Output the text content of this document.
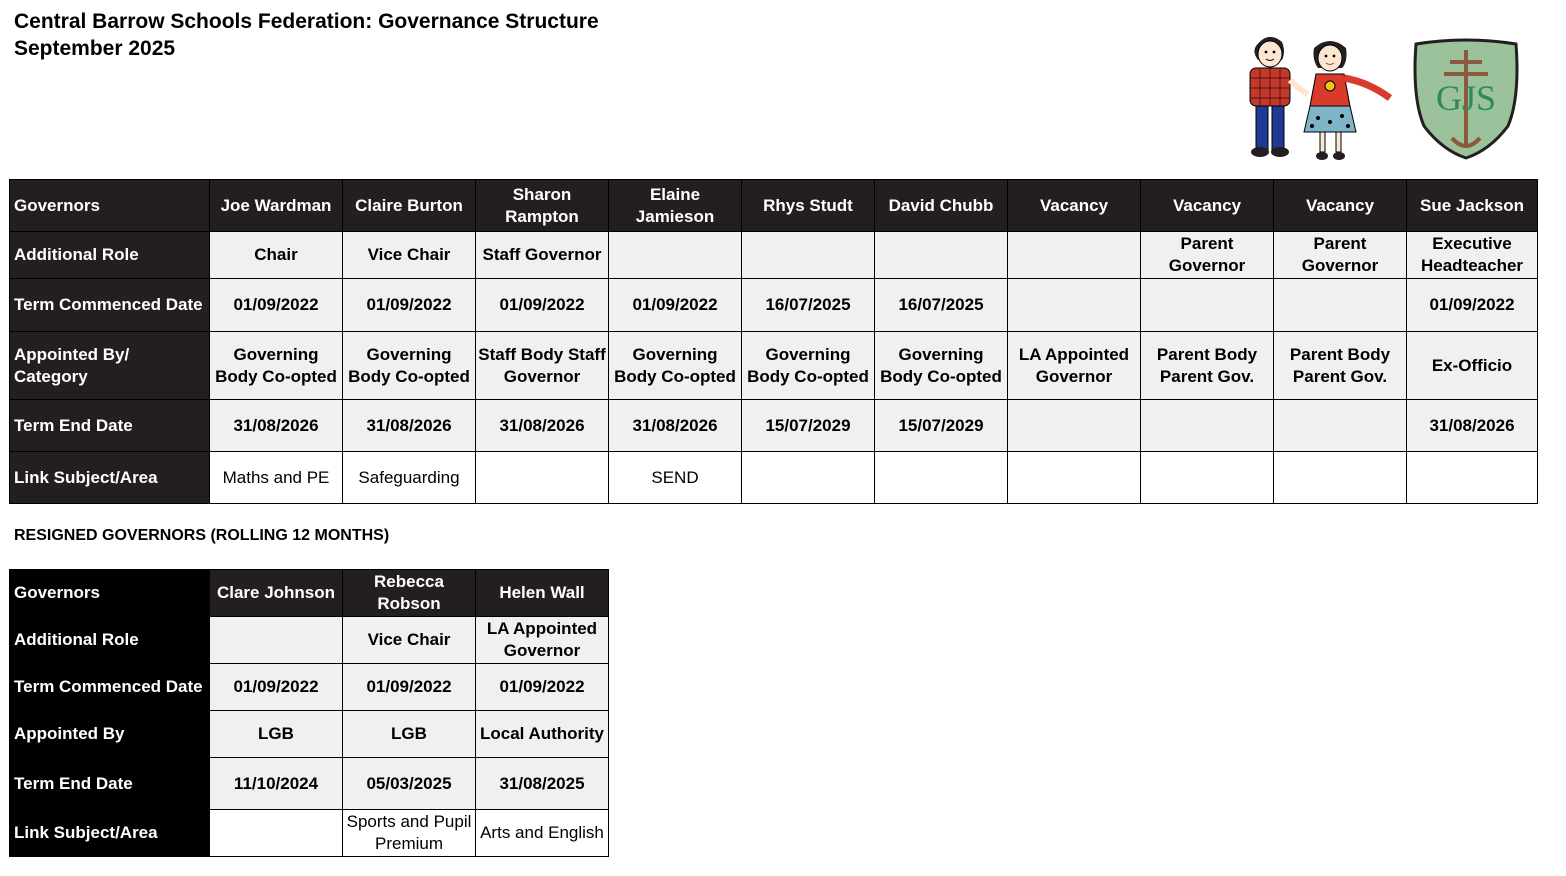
Central Barrow Schools Federation: Governance Structure
September 2025
GJS
Governors	Joe Wardman	Claire Burton	Sharon Rampton	Elaine Jamieson	Rhys Studt	David Chubb	Vacancy	Vacancy	Vacancy	Sue Jackson
Additional Role	Chair	Vice Chair	Staff Governor					Parent Governor	Parent Governor	Executive Headteacher
Term Commenced Date	01/09/2022	01/09/2022	01/09/2022	01/09/2022	16/07/2025	16/07/2025				01/09/2022
Appointed By/ Category	Governing Body Co-opted	Governing Body Co-opted	Staff Body Staff Governor	Governing Body Co-opted	Governing Body Co-opted	Governing Body Co-opted	LA Appointed Governor	Parent Body Parent Gov.	Parent Body Parent Gov.	Ex-Officio
Term End Date	31/08/2026	31/08/2026	31/08/2026	31/08/2026	15/07/2029	15/07/2029				31/08/2026
Link Subject/Area	Maths and PE	Safeguarding		SEND						
RESIGNED GOVERNORS (ROLLING 12 MONTHS)
Governors	Clare Johnson	Rebecca Robson	Helen Wall
Additional Role		Vice Chair	LA Appointed Governor
Term Commenced Date	01/09/2022	01/09/2022	01/09/2022
Appointed By	LGB	LGB	Local Authority
Term End Date	11/10/2024	05/03/2025	31/08/2025
Link Subject/Area		Sports and Pupil Premium	Arts and English
